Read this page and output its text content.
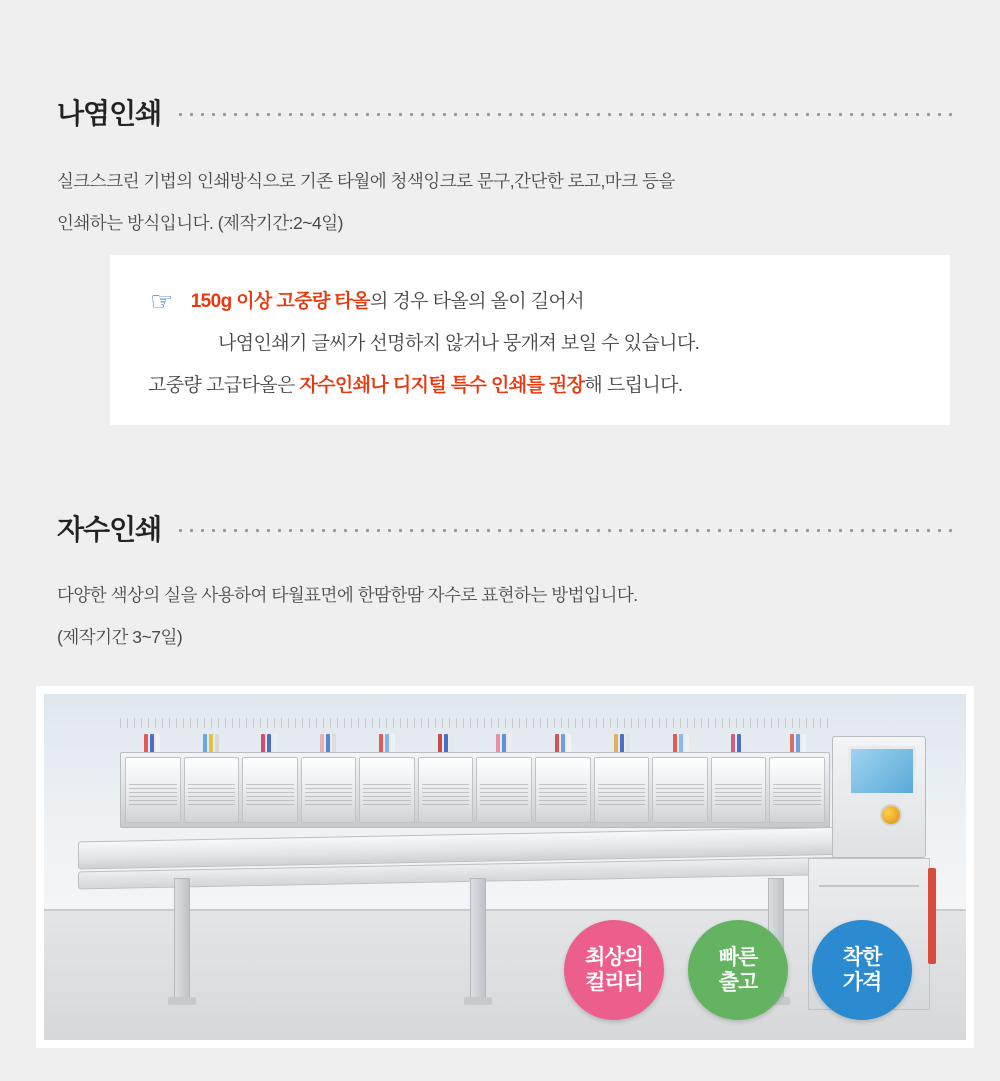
나염인쇄
실크스크린 기법의 인쇄방식으로 기존 타월에 청색잉크로 문구,간단한 로고,마크 등을
인쇄하는 방식입니다. (제작기간:2~4일)
☞ 150g 이상 고중량 타올의 경우 타올의 올이 길어서
나염인쇄기 글씨가 선명하지 않거나 뭉개져 보일 수 있습니다.
고중량 고급타올은 자수인쇄나 디지털 특수 인쇄를 권장해 드립니다.
자수인쇄
다양한 색상의 실을 사용하여 타월표면에 한땀한땀 자수로 표현하는 방법입니다.
(제작기간 3~7일)
최상의
컬리티
빠른
출고
착한
가격
